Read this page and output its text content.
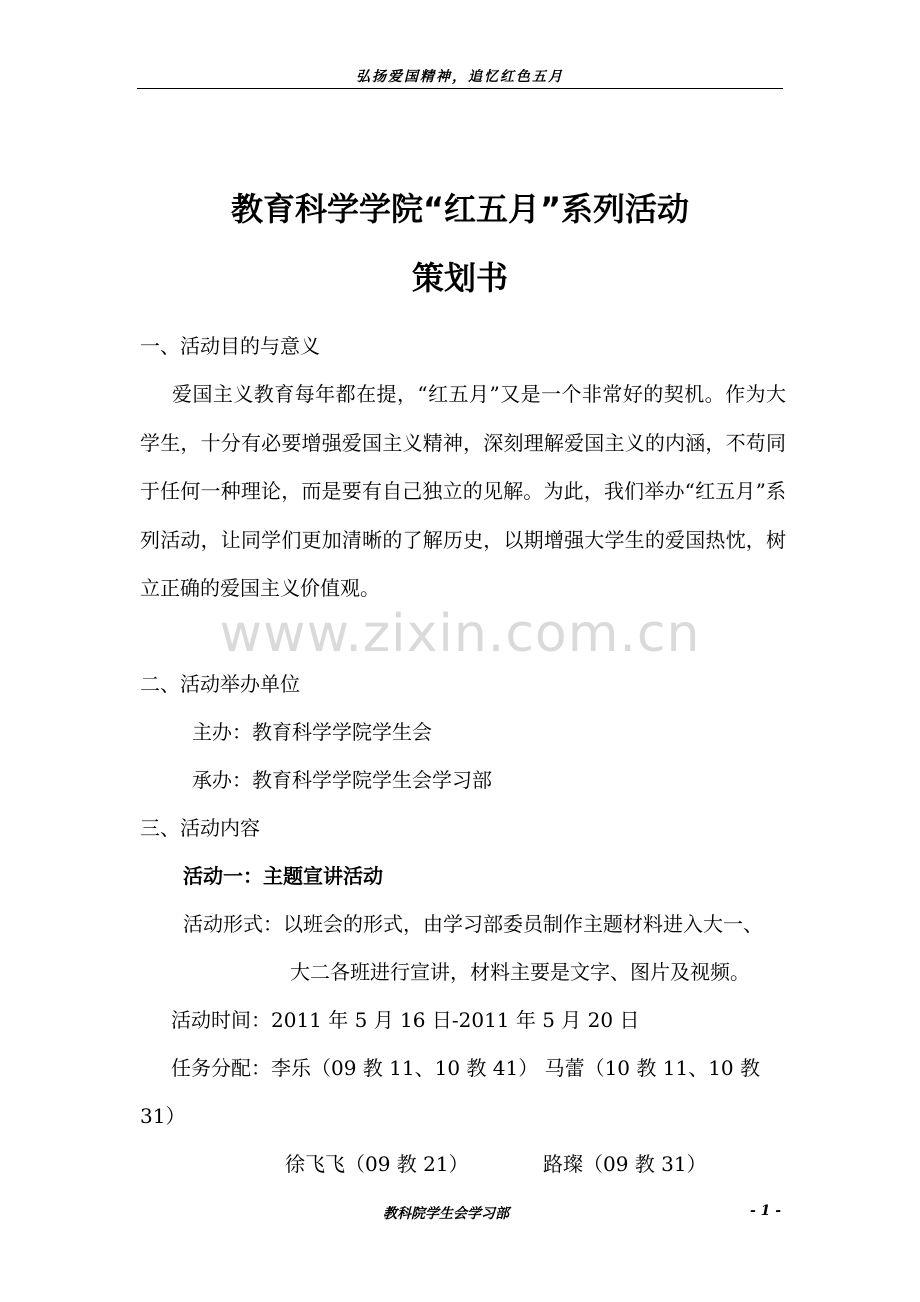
弘扬爱国精神，追忆红色五月
教育科学学院“红五月”系列活动
策划书
一、活动目的与意义
爱国主义教育每年都在提，“红五月”又是一个非常好的契机。作为大学生，十分有必要增强爱国主义精神，深刻理解爱国主义的内涵，不苟同于任何一种理论，而是要有自己独立的见解。为此，我们举办“红五月”系列活动，让同学们更加清晰的了解历史，以期增强大学生的爱国热忱，树立正确的爱国主义价值观。
www.zixin.com.cn
二、活动举办单位
主办：教育科学学院学生会
承办：教育科学学院学生会学习部
三、活动内容
活动一：主题宣讲活动
活动形式：以班会的形式，由学习部委员制作主题材料进入大一、
大二各班进行宣讲，材料主要是文字、图片及视频。
活动时间：2011 年 5 月 16 日-2011 年 5 月 20 日
任务分配：李乐（09 教 11、10 教 41） 马蕾（10 教 11、10 教
31）
徐飞飞（09 教 21）	路璨（09 教 31）
教科院学生会学习部	- 1 -
